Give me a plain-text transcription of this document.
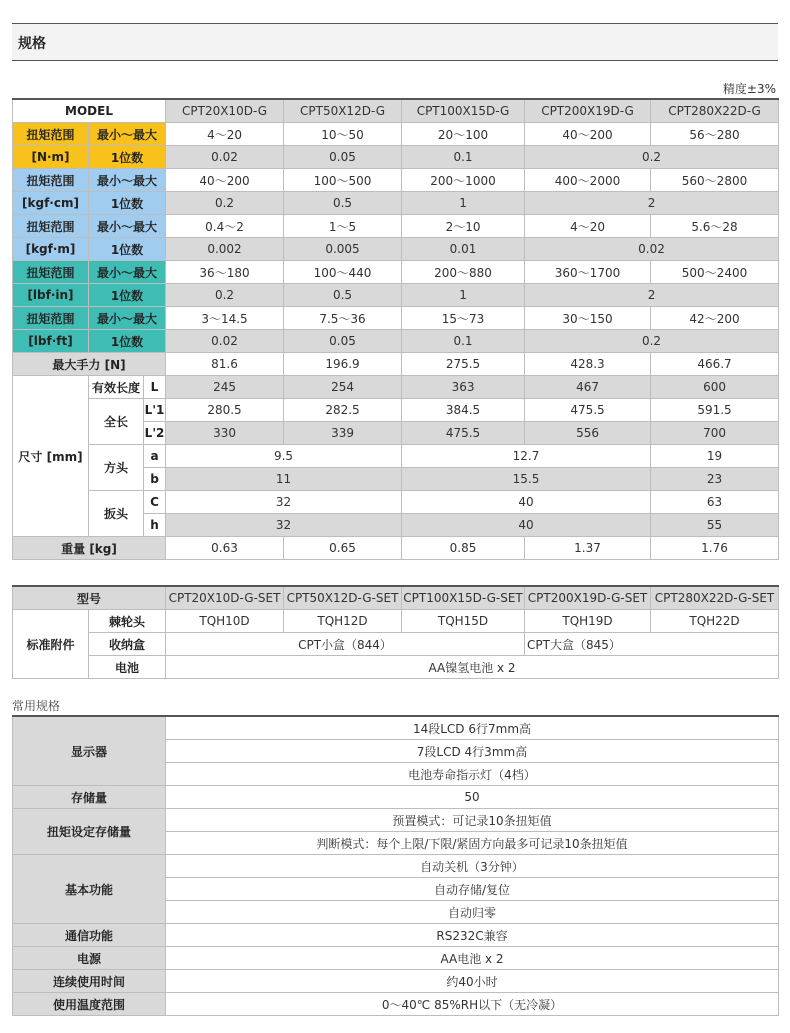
规格
精度±3%
MODEL			CPT20X10D-G	CPT50X12D-G	CPT100X15D-G	CPT200X19D-G	CPT280X22D-G
扭矩范围	最小～最大		4～20	10～50	20～100	40～200	56～280
[N·m]	1位数		0.02	0.05	0.1	0.2	
扭矩范围	最小～最大		40～200	100～500	200～1000	400～2000	560～2800
[kgf·cm]	1位数		0.2	0.5	1	2	
扭矩范围	最小～最大		0.4～2	1～5	2～10	4～20	5.6～28
[kgf·m]	1位数		0.002	0.005	0.01	0.02	
扭矩范围	最小～最大		36～180	100～440	200～880	360～1700	500～2400
[lbf·in]	1位数		0.2	0.5	1	2	
扭矩范围	最小～最大		3～14.5	7.5～36	15～73	30～150	42～200
[lbf·ft]	1位数		0.02	0.05	0.1	0.2	
最大手力 [N]			81.6	196.9	275.5	428.3	466.7
尺寸 [mm]	有效长度	L	245	254	363	467	600
	全长	L'1	280.5	282.5	384.5	475.5	591.5
		L'2	330	339	475.5	556	700
	方头	a	9.5		12.7		19
		b	11		15.5		23
	扳头	C	32		40		63
		h	32		40		55
重量 [kg]			0.63	0.65	0.85	1.37	1.76
型号		CPT20X10D-G-SET	CPT50X12D-G-SET	CPT100X15D-G-SET	CPT200X19D-G-SET	CPT280X22D-G-SET
标准附件	棘轮头	TQH10D	TQH12D	TQH15D	TQH19D	TQH22D
	收纳盒	CPT小盒（844）			CPT大盒（845）	
	电池	AA镍氢电池 x 2				
常用规格
显示器	14段LCD 6行7mm高
	7段LCD 4行3mm高
	电池寿命指示灯（4档）
存储量	50
扭矩设定存储量	预置模式：可记录10条扭矩值
	判断模式：每个上限/下限/紧固方向最多可记录10条扭矩值
基本功能	自动关机（3分钟）
	自动存储/复位
	自动归零
通信功能	RS232C兼容
电源	AA电池 x 2
连续使用时间	约40小时
使用温度范围	0～40℃ 85%RH以下（无冷凝）
